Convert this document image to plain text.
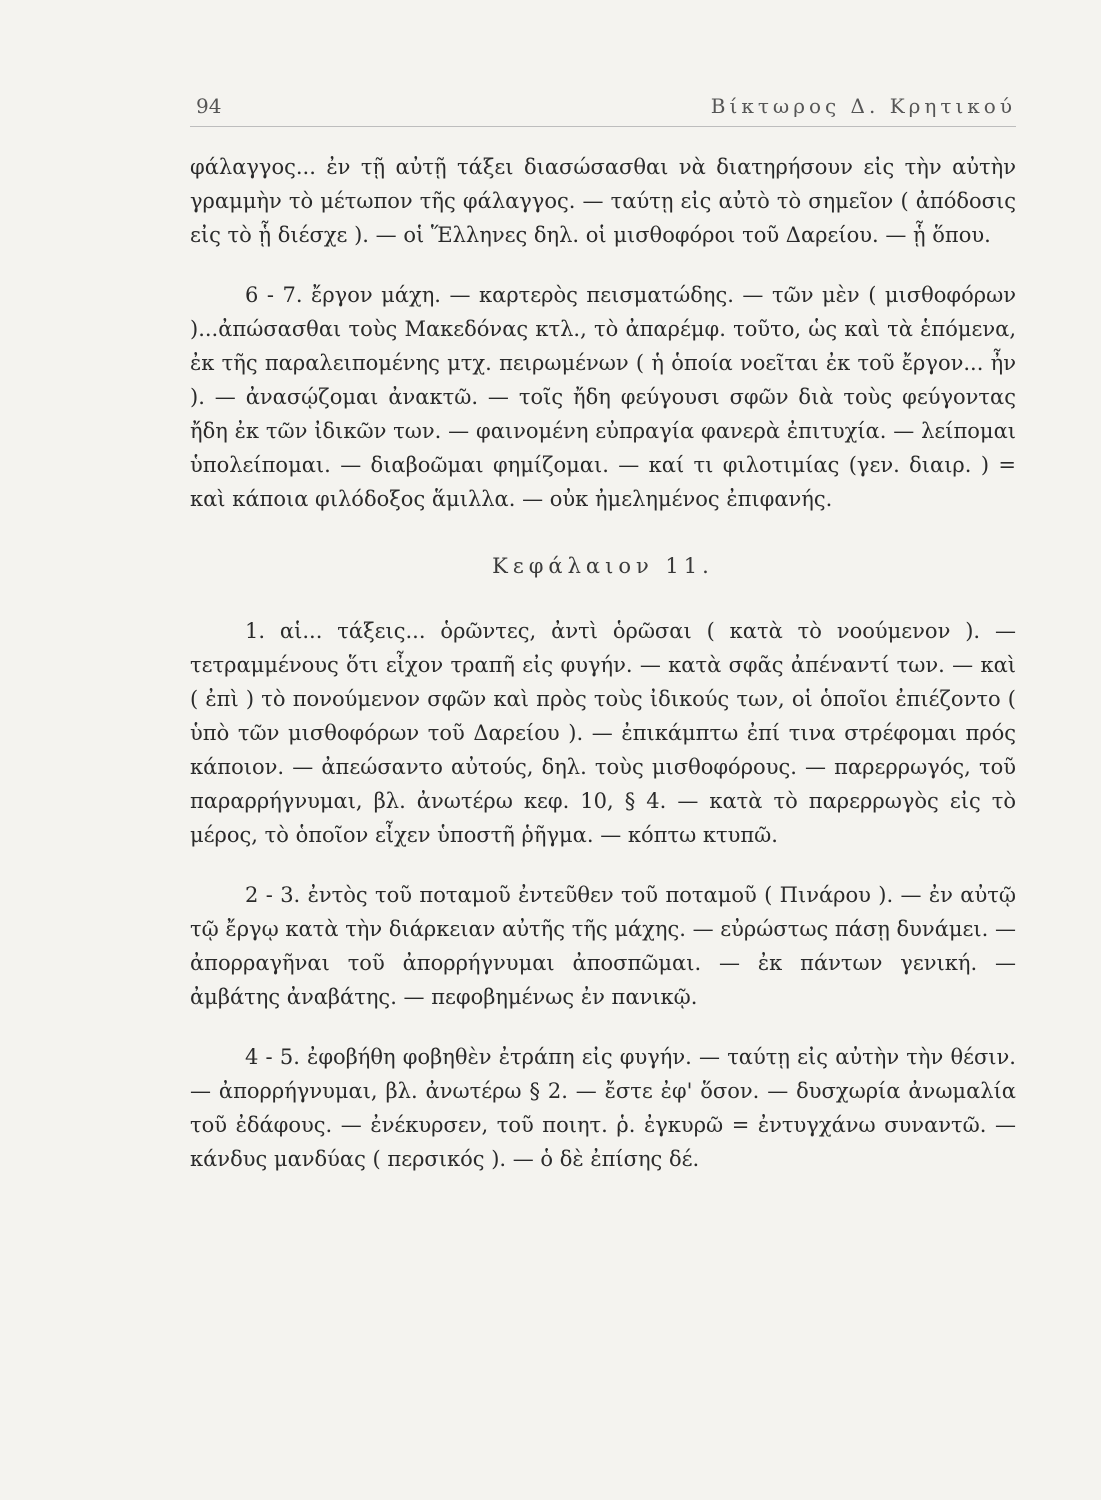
94	Βίκτωρος Δ. Κρητικού

φάλαγγος... ἐν τῇ αὐτῇ τάξει διασώσασθαι νὰ διατηρήσουν εἰς τὴν αὐτὴν γραμμὴν τὸ μέτωπον τῆς φάλαγγος. — ταύτῃ εἰς αὐτὸ τὸ σημεῖον ( ἀπόδοσις εἰς τὸ ᾗ διέσχε ). — οἱ Ἕλληνες δηλ. οἱ μισθοφόροι τοῦ Δαρείου. — ᾗ ὅπου.

6 - 7. ἔργον μάχη. — καρτερὸς πεισματώδης. — τῶν μὲν ( μισθοφόρων )...ἀπώσασθαι τοὺς Μακεδόνας κτλ., τὸ ἀπαρέμφ. τοῦτο, ὡς καὶ τὰ ἑπόμενα, ἐκ τῆς παραλειπομένης μτχ. πειρωμένων ( ἡ ὁποία νοεῖται ἐκ τοῦ ἔργον... ἦν ). — ἀνασῴζομαι ἀνακτῶ. — τοῖς ἤδη φεύγουσι σφῶν διὰ τοὺς φεύγοντας ἤδη ἐκ τῶν ἰδικῶν των. — φαινομένη εὐπραγία φανερὰ ἐπιτυχία. — λείπομαι ὑπολείπομαι. — διαβοῶμαι φημίζομαι. — καί τι φιλοτιμίας (γεν. διαιρ. ) = καὶ κάποια φιλόδοξος ἅμιλλα. — οὐκ ἠμελημένος ἐπιφανής.

Κεφάλαιον 11.

1. αἱ... τάξεις... ὁρῶντες, ἀντὶ ὁρῶσαι ( κατὰ τὸ νοούμενον ). — τετραμμένους ὅτι εἶχον τραπῆ εἰς φυγήν. — κατὰ σφᾶς ἀπέναντί των. — καὶ ( ἐπὶ ) τὸ πονούμενον σφῶν καὶ πρὸς τοὺς ἰδικούς των, οἱ ὁποῖοι ἐπιέζοντο ( ὑπὸ τῶν μισθοφόρων τοῦ Δαρείου ). — ἐπικάμπτω ἐπί τινα στρέφομαι πρός κάποιον. — ἀπεώσαντο αὐτούς, δηλ. τοὺς μισθοφόρους. — παρερρωγός, τοῦ παραρρήγνυμαι, βλ. ἀνωτέρω κεφ. 10, § 4. — κατὰ τὸ παρερρωγὸς εἰς τὸ μέρος, τὸ ὁποῖον εἶχεν ὑποστῆ ῥῆγμα. — κόπτω κτυπῶ.

2 - 3. ἐντὸς τοῦ ποταμοῦ ἐντεῦθεν τοῦ ποταμοῦ ( Πινάρου ). — ἐν αὐτῷ τῷ ἔργῳ κατὰ τὴν διάρκειαν αὐτῆς τῆς μάχης. — εὐρώστως πάσῃ δυνάμει. — ἀπορραγῆναι τοῦ ἀπορρήγνυμαι ἀποσπῶμαι. — ἐκ πάντων γενική. — ἀμβάτης ἀναβάτης. — πεφοβημένως ἐν πανικῷ.

4 - 5. ἐφοβήθη φοβηθὲν ἐτράπη εἰς φυγήν. — ταύτῃ εἰς αὐτὴν τὴν θέσιν. — ἀπορρήγνυμαι, βλ. ἀνωτέρω § 2. — ἔστε ἐφ' ὅσον. — δυσχωρία ἀνωμαλία τοῦ ἐδάφους. — ἐνέκυρσεν, τοῦ ποιητ. ῥ. ἐγκυρῶ = ἐντυγχάνω συναντῶ. — κάνδυς μανδύας ( περσικός ). — ὁ δὲ ἐπίσης δέ.
